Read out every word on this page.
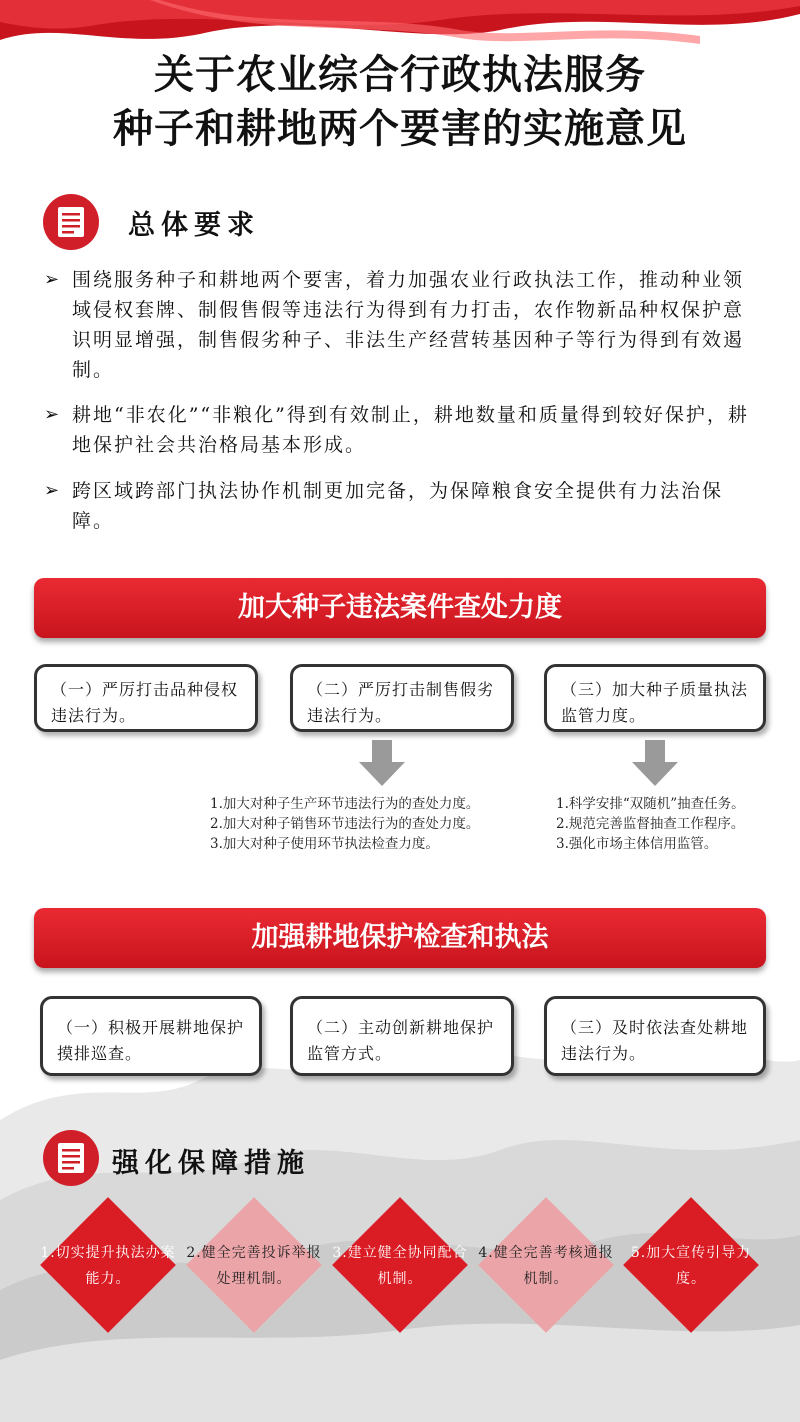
关于农业综合行政执法服务
种子和耕地两个要害的实施意见
总体要求
➢ 围绕服务种子和耕地两个要害，着力加强农业行政执法工作，推动种业领域侵权套牌、制假售假等违法行为得到有力打击，农作物新品种权保护意识明显增强，制售假劣种子、非法生产经营转基因种子等行为得到有效遏制。
➢ 耕地“非农化”“非粮化”得到有效制止，耕地数量和质量得到较好保护，耕地保护社会共治格局基本形成。
➢ 跨区域跨部门执法协作机制更加完备，为保障粮食安全提供有力法治保障。
加大种子违法案件查处力度
（一）严厉打击品种侵权违法行为。
（二）严厉打击制售假劣违法行为。
（三）加大种子质量执法监管力度。
1.加大对种子生产环节违法行为的查处力度。
2.加大对种子销售环节违法行为的查处力度。
3.加大对种子使用环节执法检查力度。
1.科学安排“双随机”抽查任务。
2.规范完善监督抽查工作程序。
3.强化市场主体信用监管。
加强耕地保护检查和执法
（一）积极开展耕地保护摸排巡查。
（二）主动创新耕地保护监管方式。
（三）及时依法查处耕地违法行为。
强化保障措施
1.切实提升执法办案能力。
2.健全完善投诉举报处理机制。
3.建立健全协同配合机制。
4.健全完善考核通报机制。
5.加大宣传引导力度。
